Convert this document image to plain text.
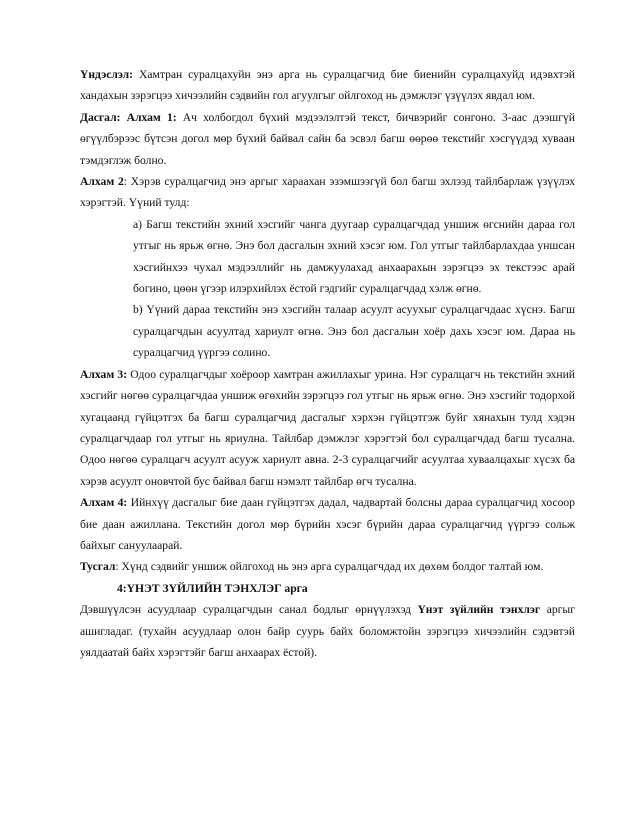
Үндэслэл: Хамтран суралцахуйн энэ арга нь суралцагчид бие биенийн суралцахуйд идэвхтэй хандахын зэрэгцээ хичээлийн сэдвийн гол агуулгыг ойлгоход нь дэмжлэг үзүүлэх явдал юм.

Дасгал: Алхам 1: Ач холбогдол бүхий мэдээлэлтэй текст, бичвэрийг сонгоно. 3-аас дээшгүй өгүүлбэрээс бүтсэн догол мөр бүхий байвал сайн ба эсвэл багш өөрөө текстийг хэсгүүдэд хуваан тэмдэглэж болно.

Алхам 2: Хэрэв суралцагчид энэ аргыг хараахан эзэмшээгүй бол багш эхлээд тайлбарлаж үзүүлэх хэрэгтэй. Үүний тулд:

a) Багш текстийн эхний хэсгийг чанга дуугаар суралцагчдад уншиж өгснийн дараа гол утгыг нь ярьж өгнө. Энэ бол дасгалын эхний хэсэг юм. Гол утгыг тайлбарлахдаа уншсан хэсгийнхээ чухал мэдээллийг нь дамжуулахад анхаарахын зэрэгцээ эх текстээс арай богино, цөөн үгээр илэрхийлэх ёстой гэдгийг суралцагчдад хэлж өгнө.

b) Үүний дараа текстийн энэ хэсгийн талаар асуулт асуухыг суралцагчдаас хүснэ. Багш суралцагчдын асуултад хариулт өгнө. Энэ бол дасгалын хоёр дахь хэсэг юм. Дараа нь суралцагчид үүргээ солино.

Алхам 3: Одоо суралцагчдыг хоёроор хамтран ажиллахыг урина. Нэг суралцагч нь текстийн эхний хэсгийг нөгөө суралцагчдаа уншиж өгөхийн зэрэгцээ гол утгыг нь ярьж өгнө. Энэ хэсгийг тодорхой хугацаанд гүйцэтгэх ба багш суралцагчид дасгалыг хэрхэн гүйцэтгэж буйг хянахын тулд хэдэн суралцагчдаар гол утгыг нь яриулна. Тайлбар дэмжлэг хэрэгтэй бол суралцагчдад багш тусална. Одоо нөгөө суралцагч асуулт асууж хариулт авна. 2-3 суралцагчийг асуултаа хуваалцахыг хүсэх ба хэрэв асуулт оновчтой бус байвал багш нэмэлт тайлбар өгч тусална.

Алхам 4: Ийнхүү дасгалыг бие даан гүйцэтгэх дадал, чадвартай болсны дараа суралцагчид хосоор бие даан ажиллана. Текстийн догол мөр бүрийн хэсэг бүрийн дараа суралцагчид үүргээ сольж байхыг сануулаарай.

Тусгал: Хүнд сэдвийг уншиж ойлгоход нь энэ арга суралцагчдад их дөхөм болдог талтай юм.

4:ҮНЭТ ЗҮЙЛИЙН ТЭНХЛЭГ арга

Дэвшүүлсэн асуудлаар суралцагчдын санал бодлыг өрнүүлэхэд Үнэт зүйлийн тэнхлэг аргыг ашигладаг. (тухайн асуудлаар олон байр суурь байх боломжтойн зэрэгцээ хичээлийн сэдэвтэй уялдаатай байх хэрэгтэйг багш анхаарах ёстой).
